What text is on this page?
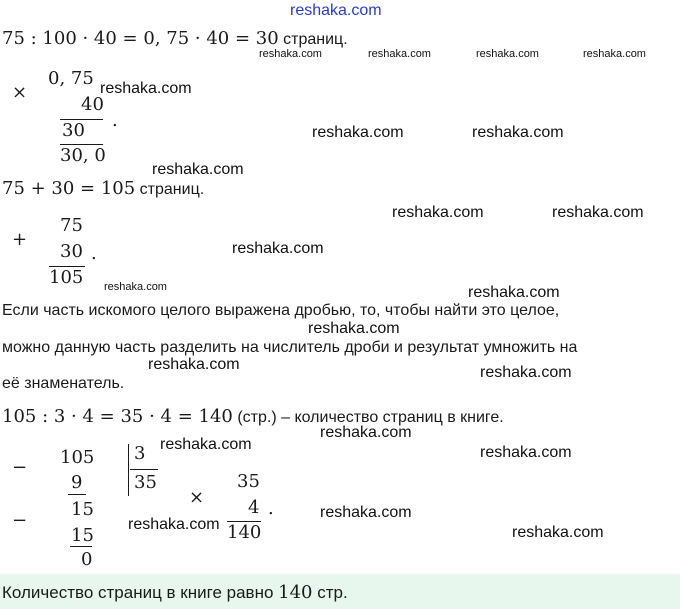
reshaka.com
75 : 100 · 40 = 0, 75 · 40 = 30 страниц.
×
0, 75
40
30 .
30, 0
75 + 30 = 105 страниц.
+
75
30
105
.
Если часть искомого целого выражена дробью, то, чтобы найти это целое,
можно данную часть разделить на числитель дроби и результат умножить на
её знаменатель.
105 : 3 · 4 = 35 · 4 = 140 (стр.) – количество страниц в книге.
− 105
9
15
−
15
0
3
35
×
35
4
140
.
reshaka.com	reshaka.com	reshaka.com	reshaka.com
reshaka.com
reshaka.com	reshaka.com
reshaka.com
reshaka.com	reshaka.com
reshaka.com
reshaka.com	reshaka.com
reshaka.com
reshaka.com	reshaka.com
reshaka.com
reshaka.com	reshaka.com
reshaka.com
reshaka.com	reshaka.com
Количество страниц в книге равно 140 стр.
